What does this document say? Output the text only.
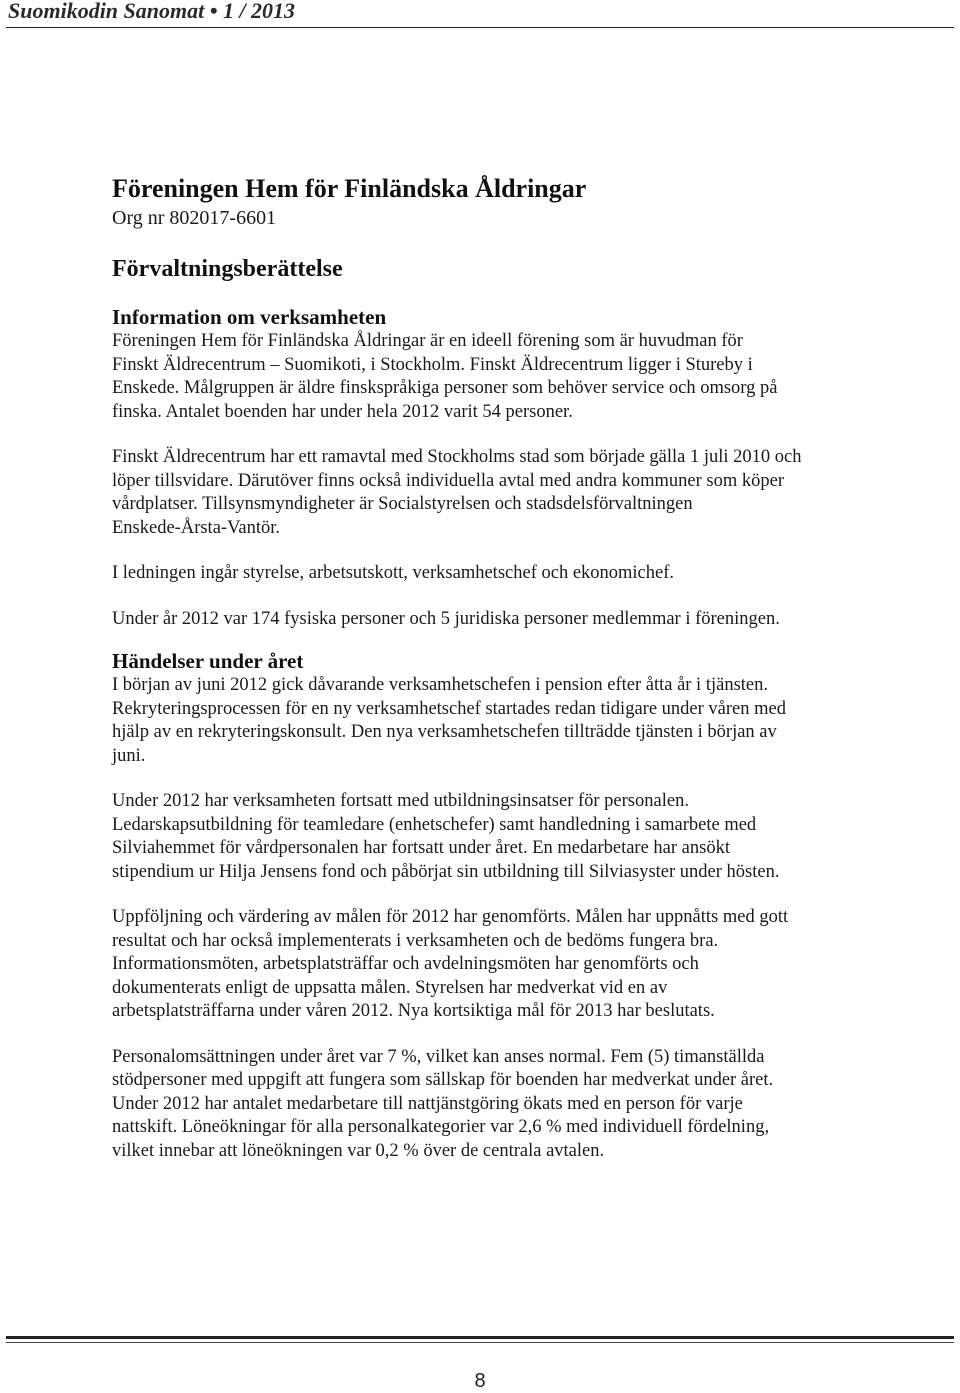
Suomikodin Sanomat • 1 / 2013
Föreningen Hem för Finländska Åldringar

Org nr 802017-6601

Förvaltningsberättelse
Information om verksamheten

Föreningen Hem för Finländska Åldringar är en ideell förening som är huvudman för
Finskt Äldrecentrum – Suomikoti, i Stockholm. Finskt Äldrecentrum ligger i Stureby i
Enskede. Målgruppen är äldre finskspråkiga personer som behöver service och omsorg på
finska. Antalet boenden har under hela 2012 varit 54 personer.

Finskt Äldrecentrum har ett ramavtal med Stockholms stad som började gälla 1 juli 2010 och
löper tillsvidare. Därutöver finns också individuella avtal med andra kommuner som köper
vårdplatser. Tillsynsmyndigheter är Socialstyrelsen och stadsdelsförvaltningen
Enskede-Årsta-Vantör.

I ledningen ingår styrelse, arbetsutskott, verksamhetschef och ekonomichef.

Under år 2012 var 174 fysiska personer och 5 juridiska personer medlemmar i föreningen.

Händelser under året

I början av juni 2012 gick dåvarande verksamhetschefen i pension efter åtta år i tjänsten.
Rekryteringsprocessen för en ny verksamhetschef startades redan tidigare under våren med
hjälp av en rekryteringskonsult. Den nya verksamhetschefen tillträdde tjänsten i början av
juni.

Under 2012 har verksamheten fortsatt med utbildningsinsatser för personalen.
Ledarskapsutbildning för teamledare (enhetschefer) samt handledning i samarbete med
Silviahemmet för vårdpersonalen har fortsatt under året. En medarbetare har ansökt
stipendium ur Hilja Jensens fond och påbörjat sin utbildning till Silviasyster under hösten.

Uppföljning och värdering av målen för 2012 har genomförts. Målen har uppnåtts med gott
resultat och har också implementerats i verksamheten och de bedöms fungera bra.
Informationsmöten, arbetsplatsträffar och avdelningsmöten har genomförts och
dokumenterats enligt de uppsatta målen. Styrelsen har medverkat vid en av
arbetsplatsträffarna under våren 2012. Nya kortsiktiga mål för 2013 har beslutats.

Personalomsättningen under året var 7 %, vilket kan anses normal. Fem (5) timanställda
stödpersoner med uppgift att fungera som sällskap för boenden har medverkat under året.
Under 2012 har antalet medarbetare till nattjänstgöring ökats med en person för varje
nattskift. Löneökningar för alla personalkategorier var 2,6 % med individuell fördelning,
vilket innebar att löneökningen var 0,2 % över de centrala avtalen.

8
